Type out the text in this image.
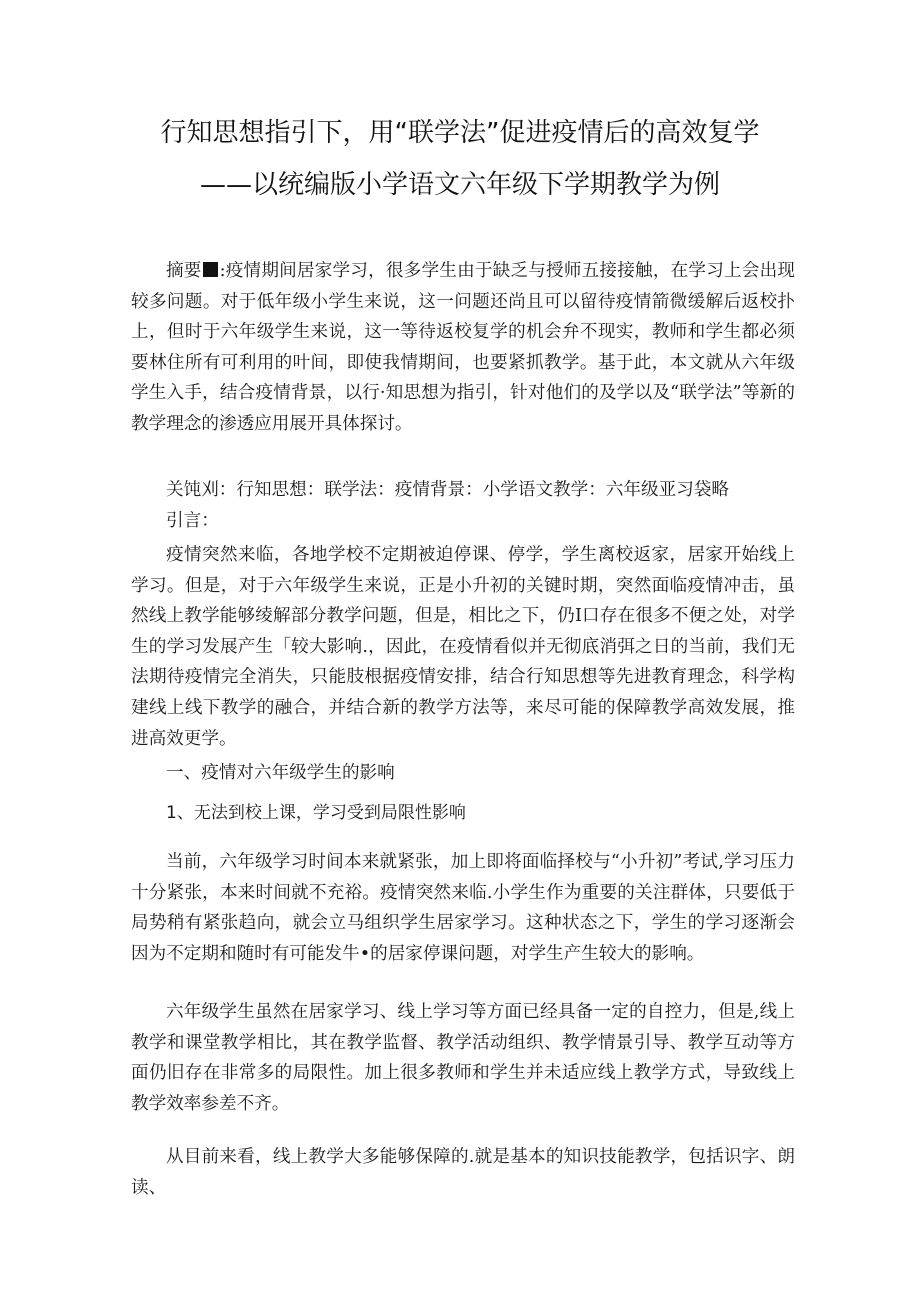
行知思想指引下，用“联学法”促进疫情后的高效复学
——以统编版小学语文六年级下学期教学为例
摘要 :疫情期间居家学习，很多学生由于缺乏与授师五接接触，在学习上会出现较多问题。对于低年级小学生来说，这一问题还尚且可以留待疫情箭微缓解后返校扑上，但时于六年级学生来说，这一等待返校复学的机会弁不现实，教师和学生都必须要林住所有可利用的叶间，即使我情期间，也要紧抓教学。基于此，本文就从六年级学生入手，结合疫情背景，以行·知思想为指引，针对他们的及学以及“联学法”等新的教学理念的渗透应用展开具体探讨。
关饨刈：行知思想：联学法：疫情背景：小学语文教学：六年级亚习袋略
引言：
疫情突然来临，各地学校不定期被迫停课、停学，学生离校返家，居家开始线上学习。但是，对于六年级学生来说，正是小升初的关键时期，突然面临疫情冲击，虽然线上教学能够绫解部分教学问题，但是，相比之下，仍I口存在很多不便之处，对学生的学习发展产生「较大影响.，因此，在疫情看似并无彻底消弭之日的当前，我们无法期待疫情完全消失，只能肢根据疫情安排，结合行知思想等先进教育理念，科学构建线上线下教学的融合，并结合新的教学方法等，来尽可能的保障教学高效发展，推进高效更学。
一、疫情对六年级学生的影响
1、无法到校上课，学习受到局限性影响
当前，六年级学习时间本来就紧张，加上即将面临择校与“小升初”考试,学习压力十分紧张，本来时间就不充裕。疫情突然来临.小学生作为重要的关注群体，只要低于局势稍有紧张趋向，就会立马组织学生居家学习。这种状态之下，学生的学习逐渐会因为不定期和随时有可能发牛•的居家停课问题，对学生产生较大的影响。
六年级学生虽然在居家学习、线上学习等方面已经具备一定的自控力，但是,线上教学和课堂教学相比，其在教学监督、教学活动组织、教学情景引导、教学互动等方面仍旧存在非常多的局限性。加上很多教师和学生并未适应线上教学方式，导致线上教学效率参差不齐。
从目前来看，线上教学大多能够保障的.就是基本的知识技能教学，包括识字、朗读、
